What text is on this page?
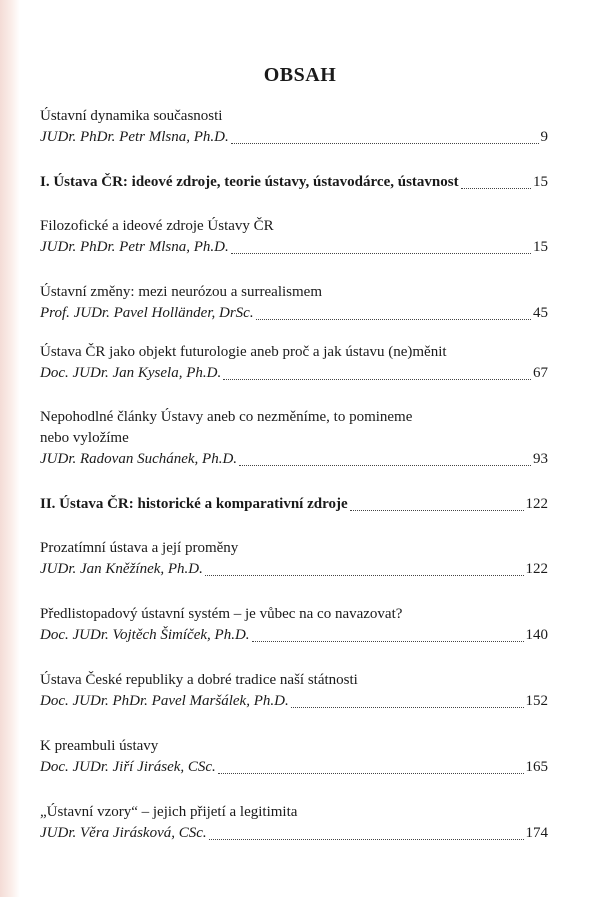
OBSAH
Ústavní dynamika současnosti
JUDr. PhDr. Petr Mlsna, Ph.D.	9
I. Ústava ČR: ideové zdroje, teorie ústavy, ústavodárce, ústavnost	15
Filozofické a ideové zdroje Ústavy ČR
JUDr. PhDr. Petr Mlsna, Ph.D.	15
Ústavní změny: mezi neurózou a surrealismem
Prof. JUDr. Pavel Holländer, DrSc.	45
Ústava ČR jako objekt futurologie aneb proč a jak ústavu (ne)měnit
Doc. JUDr. Jan Kysela, Ph.D.	67
Nepohodlné články Ústavy aneb co nezměníme, to pomineme
nebo vyložíme
JUDr. Radovan Suchánek, Ph.D.	93
II. Ústava ČR: historické a komparativní zdroje	122
Prozatímní ústava a její proměny
JUDr. Jan Kněžínek, Ph.D.	122
Předlistopadový ústavní systém – je vůbec na co navazovat?
Doc. JUDr. Vojtěch Šimíček, Ph.D.	140
Ústava České republiky a dobré tradice naší státnosti
Doc. JUDr. PhDr. Pavel Maršálek, Ph.D.	152
K preambuli ústavy
Doc. JUDr. Jiří Jirásek, CSc.	165
„Ústavní vzory“ – jejich přijetí a legitimita
JUDr. Věra Jirásková, CSc.	174
